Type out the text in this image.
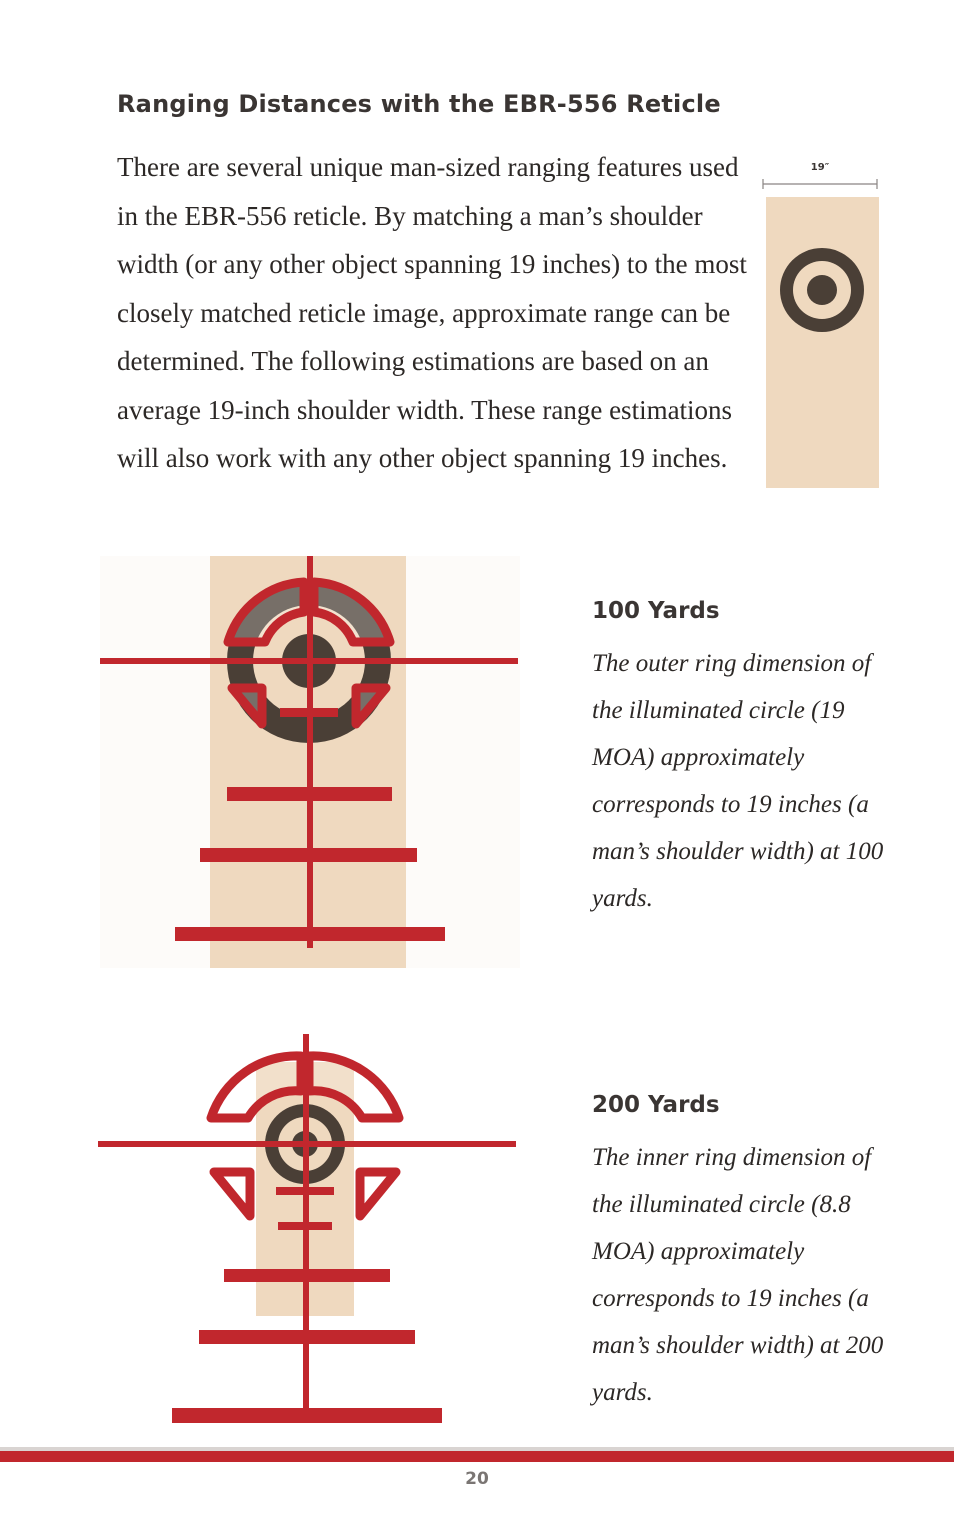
Ranging Distances with the EBR-556 Reticle

There are several unique man-sized ranging features used in the EBR-556 reticle. By matching a man’s shoulder width (or any other object spanning 19 inches) to the most closely matched reticle image, approximate range can be determined. The following estimations are based on an average 19-inch shoulder width. These range estimations will also work with any other object spanning 19 inches.

19″
100 Yards

The outer ring dimension of the illuminated circle (19 MOA) approximately corresponds to 19 inches (a man’s shoulder width) at 100 yards.

200 Yards

The inner ring dimension of the illuminated circle (8.8 MOA) approximately corresponds to 19 inches (a man’s shoulder width) at 200 yards.

20
